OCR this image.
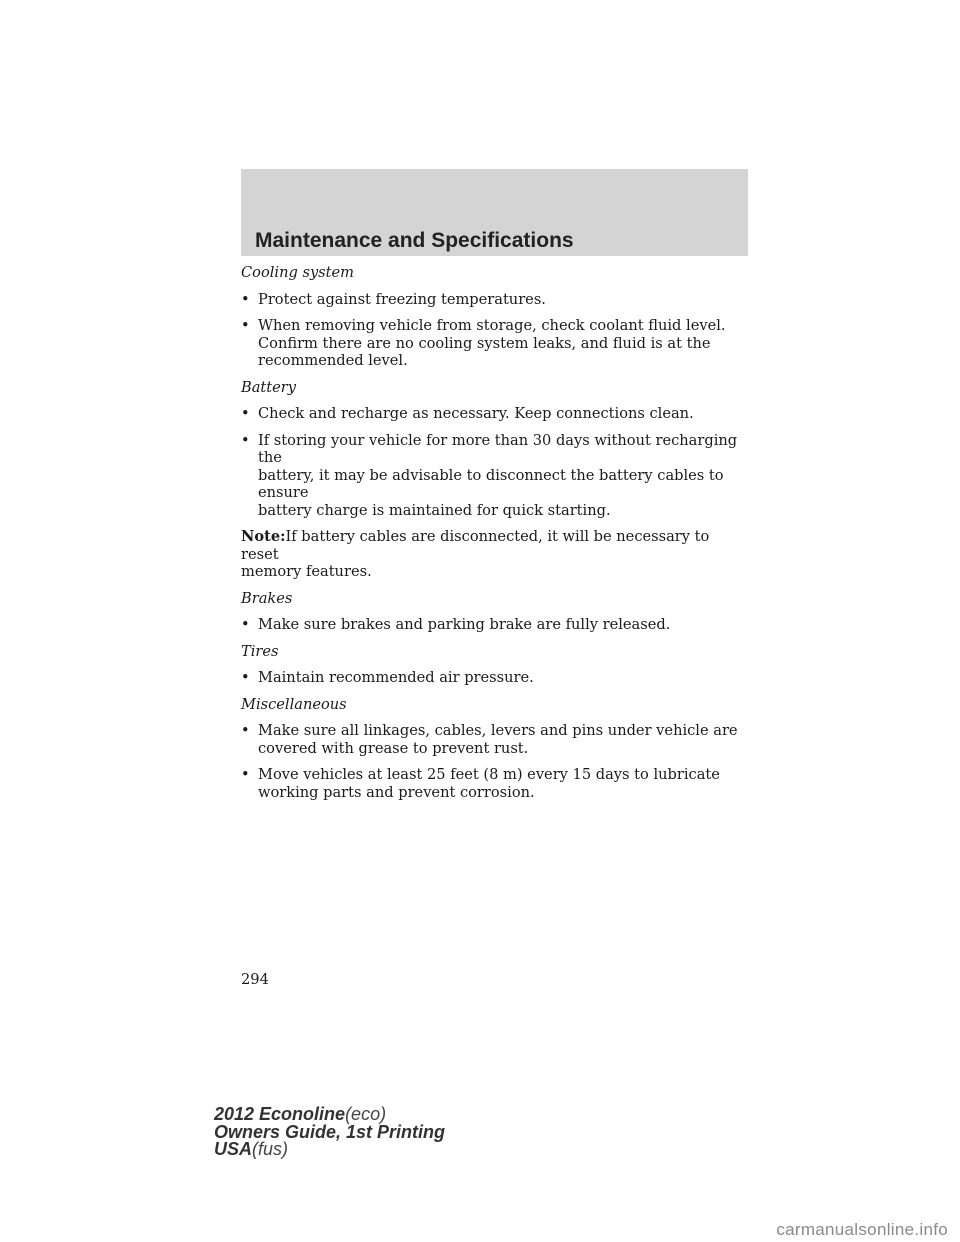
Maintenance and Specifications
Cooling system
• Protect against freezing temperatures.
• When removing vehicle from storage, check coolant fluid level.
Confirm there are no cooling system leaks, and fluid is at the
recommended level.
Battery
• Check and recharge as necessary. Keep connections clean.
• If storing your vehicle for more than 30 days without recharging the
battery, it may be advisable to disconnect the battery cables to ensure
battery charge is maintained for quick starting.
Note:If battery cables are disconnected, it will be necessary to reset
memory features.
Brakes
• Make sure brakes and parking brake are fully released.
Tires
• Maintain recommended air pressure.
Miscellaneous
• Make sure all linkages, cables, levers and pins under vehicle are
covered with grease to prevent rust.
• Move vehicles at least 25 feet (8 m) every 15 days to lubricate
working parts and prevent corrosion.
294
2012 Econoline(eco)
Owners Guide, 1st Printing
USA(fus)
carmanualsonline.info
